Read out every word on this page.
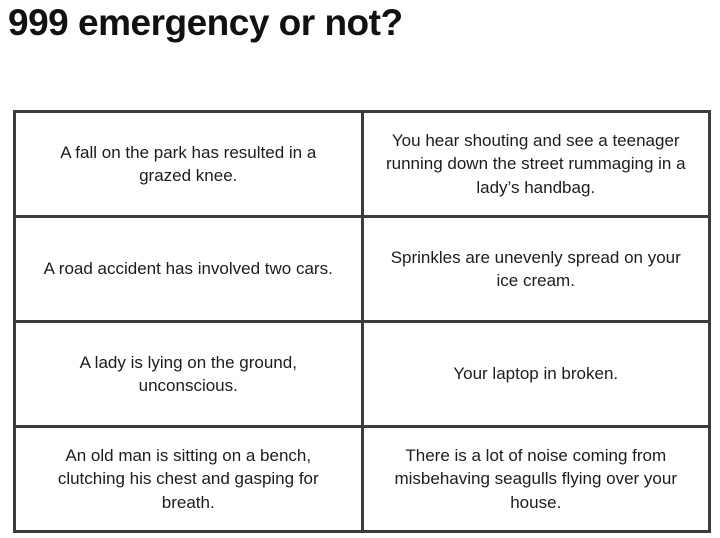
999 emergency or not?
A fall on the park has resulted in a grazed knee.	You hear shouting and see a teenager running down the street rummaging in a lady’s handbag.
A road accident has involved two cars.	Sprinkles are unevenly spread on your ice cream.
A lady is lying on the ground, unconscious.	Your laptop in broken.
An old man is sitting on a bench, clutching his chest and gasping for breath.	There is a lot of noise coming from misbehaving seagulls flying over your house.
